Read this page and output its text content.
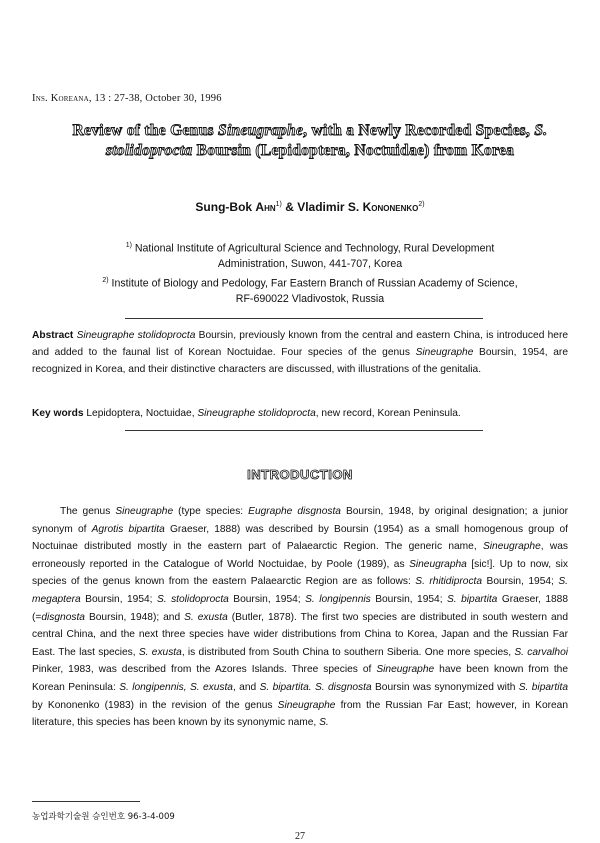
Ins. Koreana, 13 : 27-38, October 30, 1996
Review of the Genus Sineugraphe, with a Newly Recorded Species, S. stolidoprocta Boursin (Lepidoptera, Noctuidae) from Korea
Sung-Bok Ahn$^{1)}$ & Vladimir S. Kononenko$^{2)}$
$^{1)}$ National Institute of Agricultural Science and Technology, Rural Development
Administration, Suwon, 441-707, Korea
$^{2)}$ Institute of Biology and Pedology, Far Eastern Branch of Russian Academy of Science,
RF-690022 Vladivostok, Russia
Abstract Sineugraphe stolidoprocta Boursin, previously known from the central and eastern China, is introduced here and added to the faunal list of Korean Noctuidae. Four species of the genus Sineugraphe Boursin, 1954, are recognized in Korea, and their distinctive characters are discussed, with illustrations of the genitalia.
Key words Lepidoptera, Noctuidae, Sineugraphe stolidoprocta, new record, Korean Peninsula.
INTRODUCTION

The genus Sineugraphe (type species: Eugraphe disgnosta Boursin, 1948, by original designation; a junior synonym of Agrotis bipartita Graeser, 1888) was described by Boursin (1954) as a small homogenous group of Noctuinae distributed mostly in the eastern part of Palaearctic Region. The generic name, Sineugraphe, was erroneously reported in the Catalogue of World Noctuidae, by Poole (1989), as Sineugrapha [sic!]. Up to now, six species of the genus known from the eastern Palaearctic Region are as follows: S. rhitidiprocta Boursin, 1954; S. megaptera Boursin, 1954; S. stolidoprocta Boursin, 1954; S. longipennis Boursin, 1954; S. bipartita Graeser, 1888 (=disgnosta Boursin, 1948); and S. exusta (Butler, 1878). The first two species are distributed in south western and central China, and the next three species have wider distributions from China to Korea, Japan and the Russian Far East. The last species, S. exusta, is distributed from South China to southern Siberia. One more species, S. carvalhoi Pinker, 1983, was described from the Azores Islands. Three species of Sineugraphe have been known from the Korean Peninsula: S. longipennis, S. exusta, and S. bipartita. S. disgnosta Boursin was synonymized with S. bipartita by Kononenko (1983) in the revision of the genus Sineugraphe from the Russian Far East; however, in Korean literature, this species has been known by its synonymic name, S.

농업과학기술원 승인번호 96-3-4-009
27
